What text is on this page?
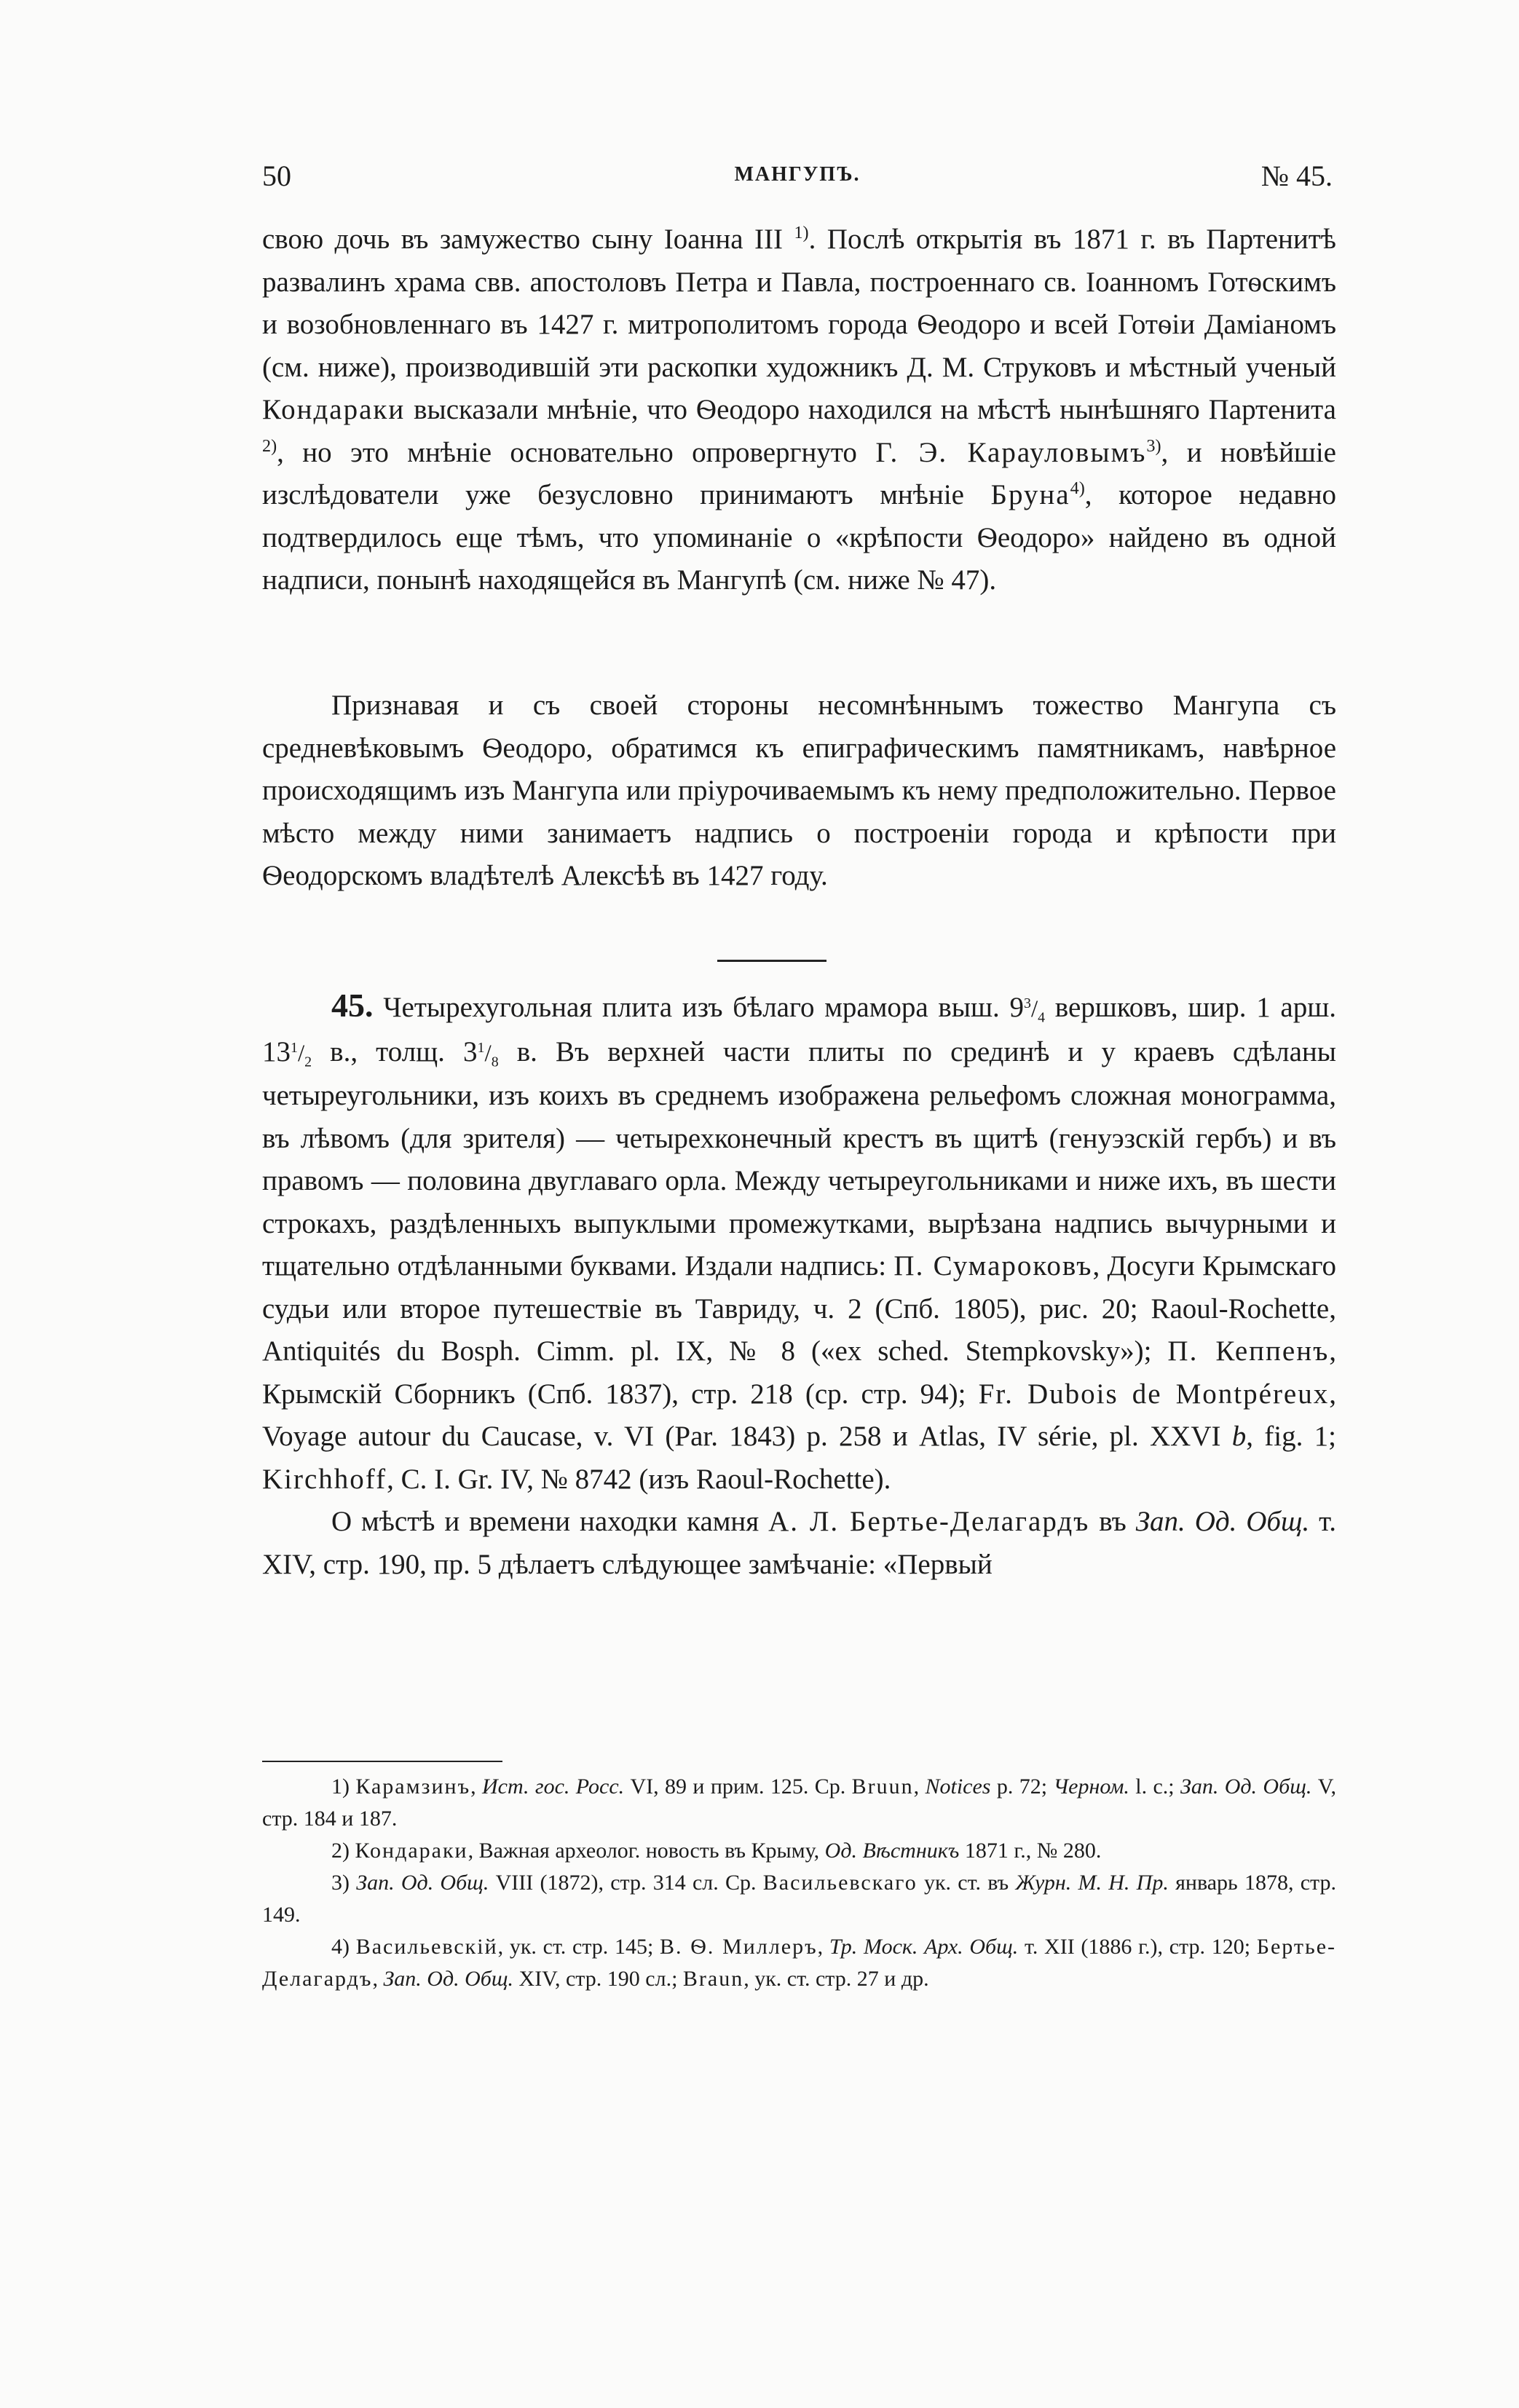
50	МАНГУПЪ.	№ 45.

свою дочь въ замужество сыну Іоанна III $^{1)}$. Послѣ открытія въ 1871 г. въ Партенитѣ развалинъ храма свв. апостоловъ Петра и Павла, построеннаго св. Іоанномъ Готѳскимъ и возобновленнаго въ 1427 г. митрополитомъ города Ѳеодоро и всей Готѳіи Даміаномъ (см. ниже), производившій эти раскопки художникъ Д. М. Струковъ и мѣстный ученый Кондараки высказали мнѣніе, что Ѳеодоро находился на мѣстѣ нынѣшняго Партенита $^{2)}$, но это мнѣніе основательно опровергнуто Г. Э. Карауловымъ$^{3)}$, и новѣйшіе изслѣдователи уже безусловно принимаютъ мнѣніе Бруна$^{4)}$, которое недавно подтвердилось еще тѣмъ, что упоминаніе о «крѣпости Ѳеодоро» найдено въ одной надписи, понынѣ находящейся въ Мангупѣ (см. ниже № 47).

Признавая и съ своей стороны несомнѣннымъ тожество Мангупа съ средневѣковымъ Ѳеодоро, обратимся къ епиграфическимъ памятникамъ, навѣрное происходящимъ изъ Мангупа или пріурочиваемымъ къ нему предположительно. Первое мѣсто между ними занимаетъ надпись о построеніи города и крѣпости при Ѳеодорскомъ владѣтелѣ Алексѣѣ въ 1427 году.

45. Четырехугольная плита изъ бѣлаго мрамора выш. $9^3/_4$ вершковъ, шир. 1 арш. $13^1/_2$ в., толщ. $3^1/_8$ в. Въ верхней части плиты по срединѣ и у краевъ сдѣланы четыреугольники, изъ коихъ въ среднемъ изображена рельефомъ сложная монограмма, въ лѣвомъ (для зрителя) — четырехконечный крестъ въ щитѣ (генуэзскій гербъ) и въ правомъ — половина двуглаваго орла. Между четыреугольниками и ниже ихъ, въ шести строкахъ, раздѣленныхъ выпуклыми промежутками, вырѣзана надпись вычурными и тщательно отдѣланными буквами. Издали надпись: П. Сумароковъ, Досуги Крымскаго судьи или второе путешествіе въ Тавриду, ч. 2 (Спб. 1805), рис. 20; Raoul-Rochette, Antiquités du Bosph. Cimm. pl. IX, № 8 («ex sched. Stempkovsky»); П. Кеппенъ, Крымскій Сборникъ (Спб. 1837), стр. 218 (ср. стр. 94); Fr. Dubois de Montpéreux, Voyage autour du Caucase, v. VI (Par. 1843) p. 258 и Atlas, IV série, pl. XXVI b, fig. 1; Kirchhoff, C. I. Gr. IV, № 8742 (изъ Raoul-Rochette).

О мѣстѣ и времени находки камня А. Л. Бертье-Делагардъ въ Зап. Од. Общ. т. XIV, стр. 190, пр. 5 дѣлаетъ слѣдующее замѣчаніе: «Первый

1) Карамзинъ, Ист. гос. Росс. VI, 89 и прим. 125. Ср. Bruun, Notices p. 72; Черном. l. c.; Зап. Од. Общ. V, стр. 184 и 187.

2) Кондараки, Важная археолог. новость въ Крыму, Од. Вѣстникъ 1871 г., № 280.

3) Зап. Од. Общ. VIII (1872), стр. 314 сл. Ср. Васильевскаго ук. ст. въ Журн. М. Н. Пр. январь 1878, стр. 149.

4) Васильевскій, ук. ст. стр. 145; В. Ѳ. Миллеръ, Тр. Моск. Арх. Общ. т. XII (1886 г.), стр. 120; Бертье-Делагардъ, Зап. Од. Общ. XIV, стр. 190 сл.; Braun, ук. ст. стр. 27 и др.
